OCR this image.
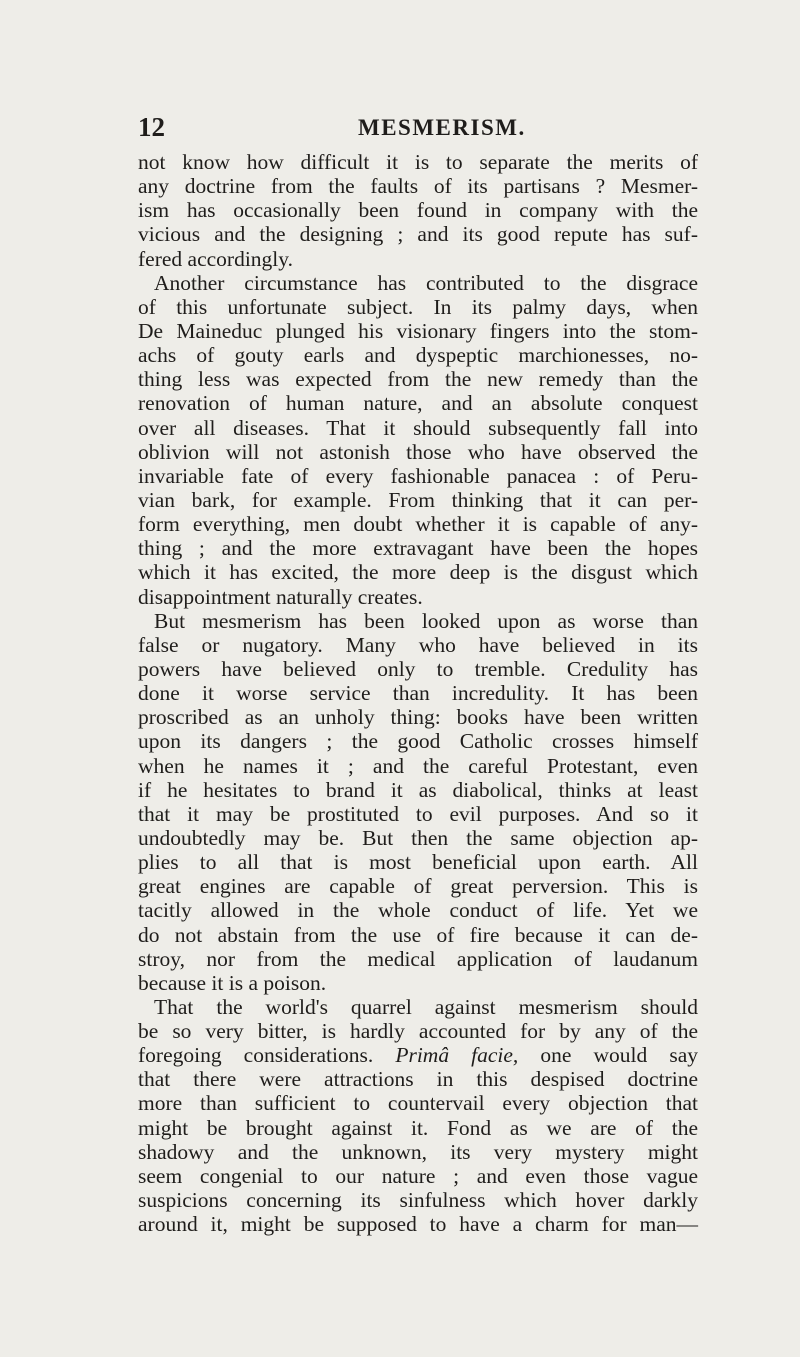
12	MESMERISM.
not know how difficult it is to separate the merits of
any doctrine from the faults of its partisans ? Mesmer-
ism has occasionally been found in company with the
vicious and the designing ; and its good repute has suf-
fered accordingly.
Another circumstance has contributed to the disgrace
of this unfortunate subject. In its palmy days, when
De Maineduc plunged his visionary fingers into the stom-
achs of gouty earls and dyspeptic marchionesses, no-
thing less was expected from the new remedy than the
renovation of human nature, and an absolute conquest
over all diseases. That it should subsequently fall into
oblivion will not astonish those who have observed the
invariable fate of every fashionable panacea : of Peru-
vian bark, for example. From thinking that it can per-
form everything, men doubt whether it is capable of any-
thing ; and the more extravagant have been the hopes
which it has excited, the more deep is the disgust which
disappointment naturally creates.
But mesmerism has been looked upon as worse than
false or nugatory. Many who have believed in its
powers have believed only to tremble. Credulity has
done it worse service than incredulity. It has been
proscribed as an unholy thing: books have been written
upon its dangers ; the good Catholic crosses himself
when he names it ; and the careful Protestant, even
if he hesitates to brand it as diabolical, thinks at least
that it may be prostituted to evil purposes. And so it
undoubtedly may be. But then the same objection ap-
plies to all that is most beneficial upon earth. All
great engines are capable of great perversion. This is
tacitly allowed in the whole conduct of life. Yet we
do not abstain from the use of fire because it can de-
stroy, nor from the medical application of laudanum
because it is a poison.
That the world's quarrel against mesmerism should
be so very bitter, is hardly accounted for by any of the
foregoing considerations. Primâ facie, one would say
that there were attractions in this despised doctrine
more than sufficient to countervail every objection that
might be brought against it. Fond as we are of the
shadowy and the unknown, its very mystery might
seem congenial to our nature ; and even those vague
suspicions concerning its sinfulness which hover darkly
around it, might be supposed to have a charm for man—
